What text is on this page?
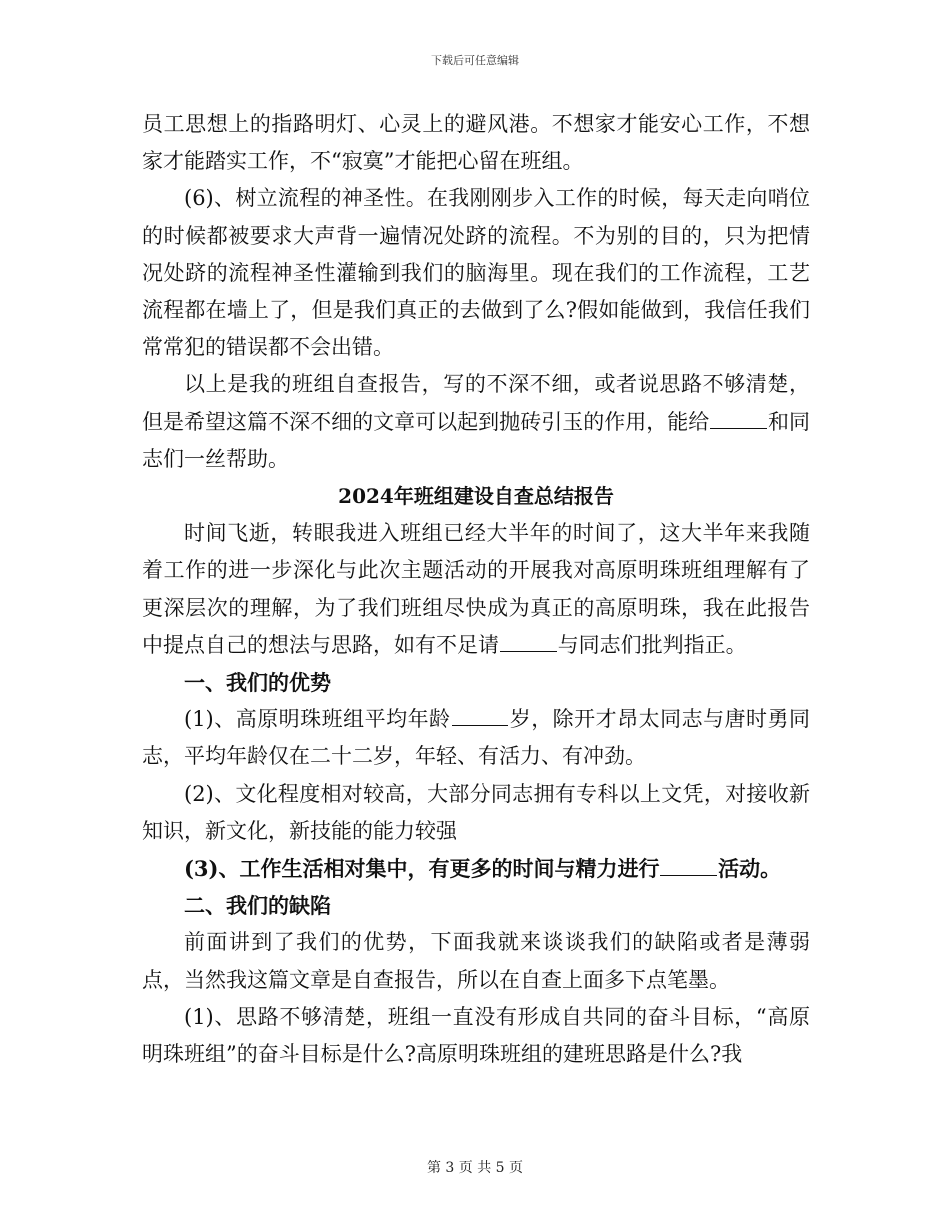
下载后可任意编辑

员工思想上的指路明灯、心灵上的避风港。不想家才能安心工作，不想家才能踏实工作，不“寂寞”才能把心留在班组。

(6)、树立流程的神圣性。在我刚刚步入工作的时候，每天走向哨位的时候都被要求大声背一遍情况处跻的流程。不为别的目的，只为把情况处跻的流程神圣性灌输到我们的脑海里。现在我们的工作流程，工艺流程都在墙上了，但是我们真正的去做到了么?假如能做到，我信任我们常常犯的错误都不会出错。

以上是我的班组自查报告，写的不深不细，或者说思路不够清楚，但是希望这篇不深不细的文章可以起到抛砖引玉的作用，能给	和同志们一丝帮助。

2024年班组建设自查总结报告

时间飞逝，转眼我进入班组已经大半年的时间了，这大半年来我随着工作的进一步深化与此次主题活动的开展我对高原明珠班组理解有了更深层次的理解，为了我们班组尽快成为真正的高原明珠，我在此报告中提点自己的想法与思路，如有不足请	与同志们批判指正。

一、我们的优势

(1)、高原明珠班组平均年龄	岁，除开才昂太同志与唐时勇同志，平均年龄仅在二十二岁，年轻、有活力、有冲劲。

(2)、文化程度相对较高，大部分同志拥有专科以上文凭，对接收新知识，新文化，新技能的能力较强

(3)、工作生活相对集中，有更多的时间与精力进行	活动。

二、我们的缺陷

前面讲到了我们的优势，下面我就来谈谈我们的缺陷或者是薄弱点，当然我这篇文章是自查报告，所以在自查上面多下点笔墨。

(1)、思路不够清楚，班组一直没有形成自共同的奋斗目标，“高原明珠班组”的奋斗目标是什么?高原明珠班组的建班思路是什么?我

第 3 页 共 5 页
